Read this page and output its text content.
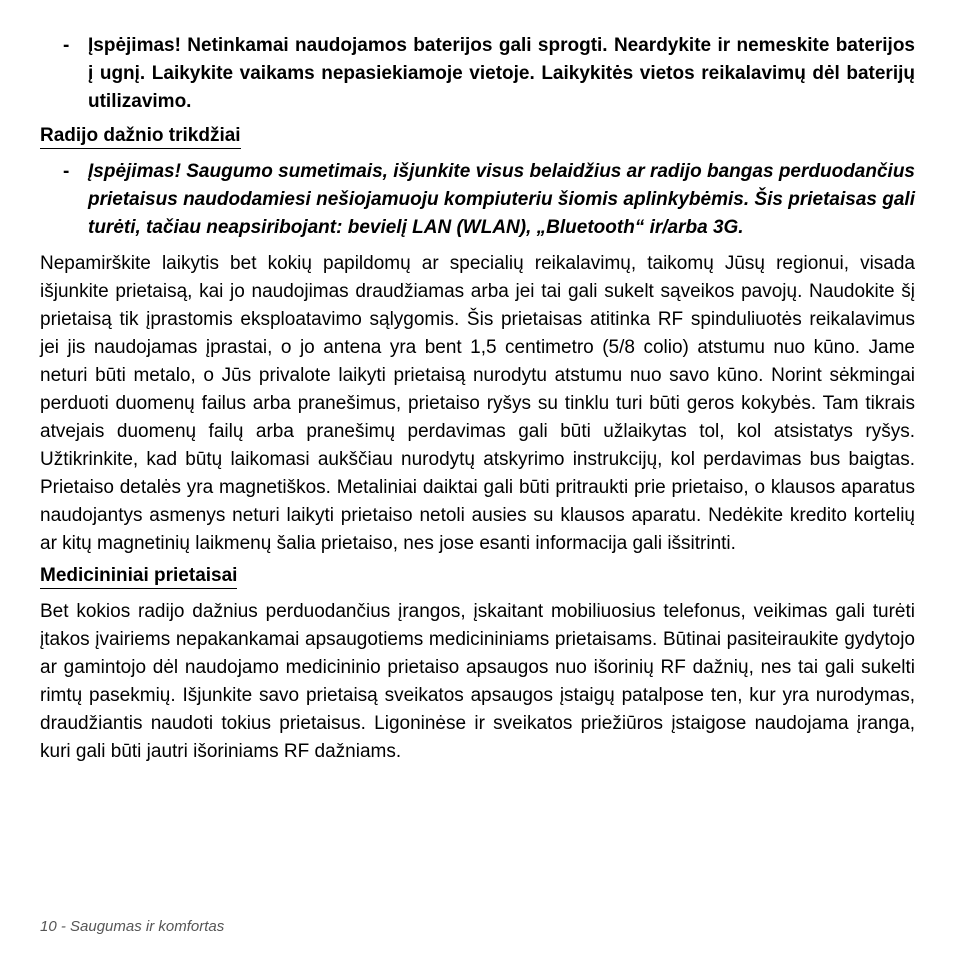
- Įspėjimas! Netinkamai naudojamos baterijos gali sprogti. Neardykite ir nemeskite baterijos į ugnį. Laikykite vaikams nepasiekiamoje vietoje. Laikykitės vietos reikalavimų dėl baterijų utilizavimo.
Radijo dažnio trikdžiai
- Įspėjimas! Saugumo sumetimais, išjunkite visus belaidžius ar radijo bangas perduodančius prietaisus naudodamiesi nešiojamuoju kompiuteriu šiomis aplinkybėmis. Šis prietaisas gali turėti, tačiau neapsiribojant: bevielį LAN (WLAN), „Bluetooth“ ir/arba 3G.

Nepamirškite laikytis bet kokių papildomų ar specialių reikalavimų, taikomų Jūsų regionui, visada išjunkite prietaisą, kai jo naudojimas draudžiamas arba jei tai gali sukelt sąveikos pavojų. Naudokite šį prietaisą tik įprastomis eksploatavimo sąlygomis. Šis prietaisas atitinka RF spinduliuotės reikalavimus jei jis naudojamas įprastai, o jo antena yra bent 1,5 centimetro (5/8 colio) atstumu nuo kūno. Jame neturi būti metalo, o Jūs privalote laikyti prietaisą nurodytu atstumu nuo savo kūno. Norint sėkmingai perduoti duomenų failus arba pranešimus, prietaiso ryšys su tinklu turi būti geros kokybės. Tam tikrais atvejais duomenų failų arba pranešimų perdavimas gali būti užlaikytas tol, kol atsistatys ryšys. Užtikrinkite, kad būtų laikomasi aukščiau nurodytų atskyrimo instrukcijų, kol perdavimas bus baigtas. Prietaiso detalės yra magnetiškos. Metaliniai daiktai gali būti pritraukti prie prietaiso, o klausos aparatus naudojantys asmenys neturi laikyti prietaiso netoli ausies su klausos aparatu. Nedėkite kredito kortelių ar kitų magnetinių laikmenų šalia prietaiso, nes jose esanti informacija gali išsitrinti.

Medicininiai prietaisai

Bet kokios radijo dažnius perduodančius įrangos, įskaitant mobiliuosius telefonus, veikimas gali turėti įtakos įvairiems nepakankamai apsaugotiems medicininiams prietaisams. Būtinai pasiteiraukite gydytojo ar gamintojo dėl naudojamo medicininio prietaiso apsaugos nuo išorinių RF dažnių, nes tai gali sukelti rimtų pasekmių. Išjunkite savo prietaisą sveikatos apsaugos įstaigų patalpose ten, kur yra nurodymas, draudžiantis naudoti tokius prietaisus. Ligoninėse ir sveikatos priežiūros įstaigose naudojama įranga, kuri gali būti jautri išoriniams RF dažniams.

10 - Saugumas ir komfortas
